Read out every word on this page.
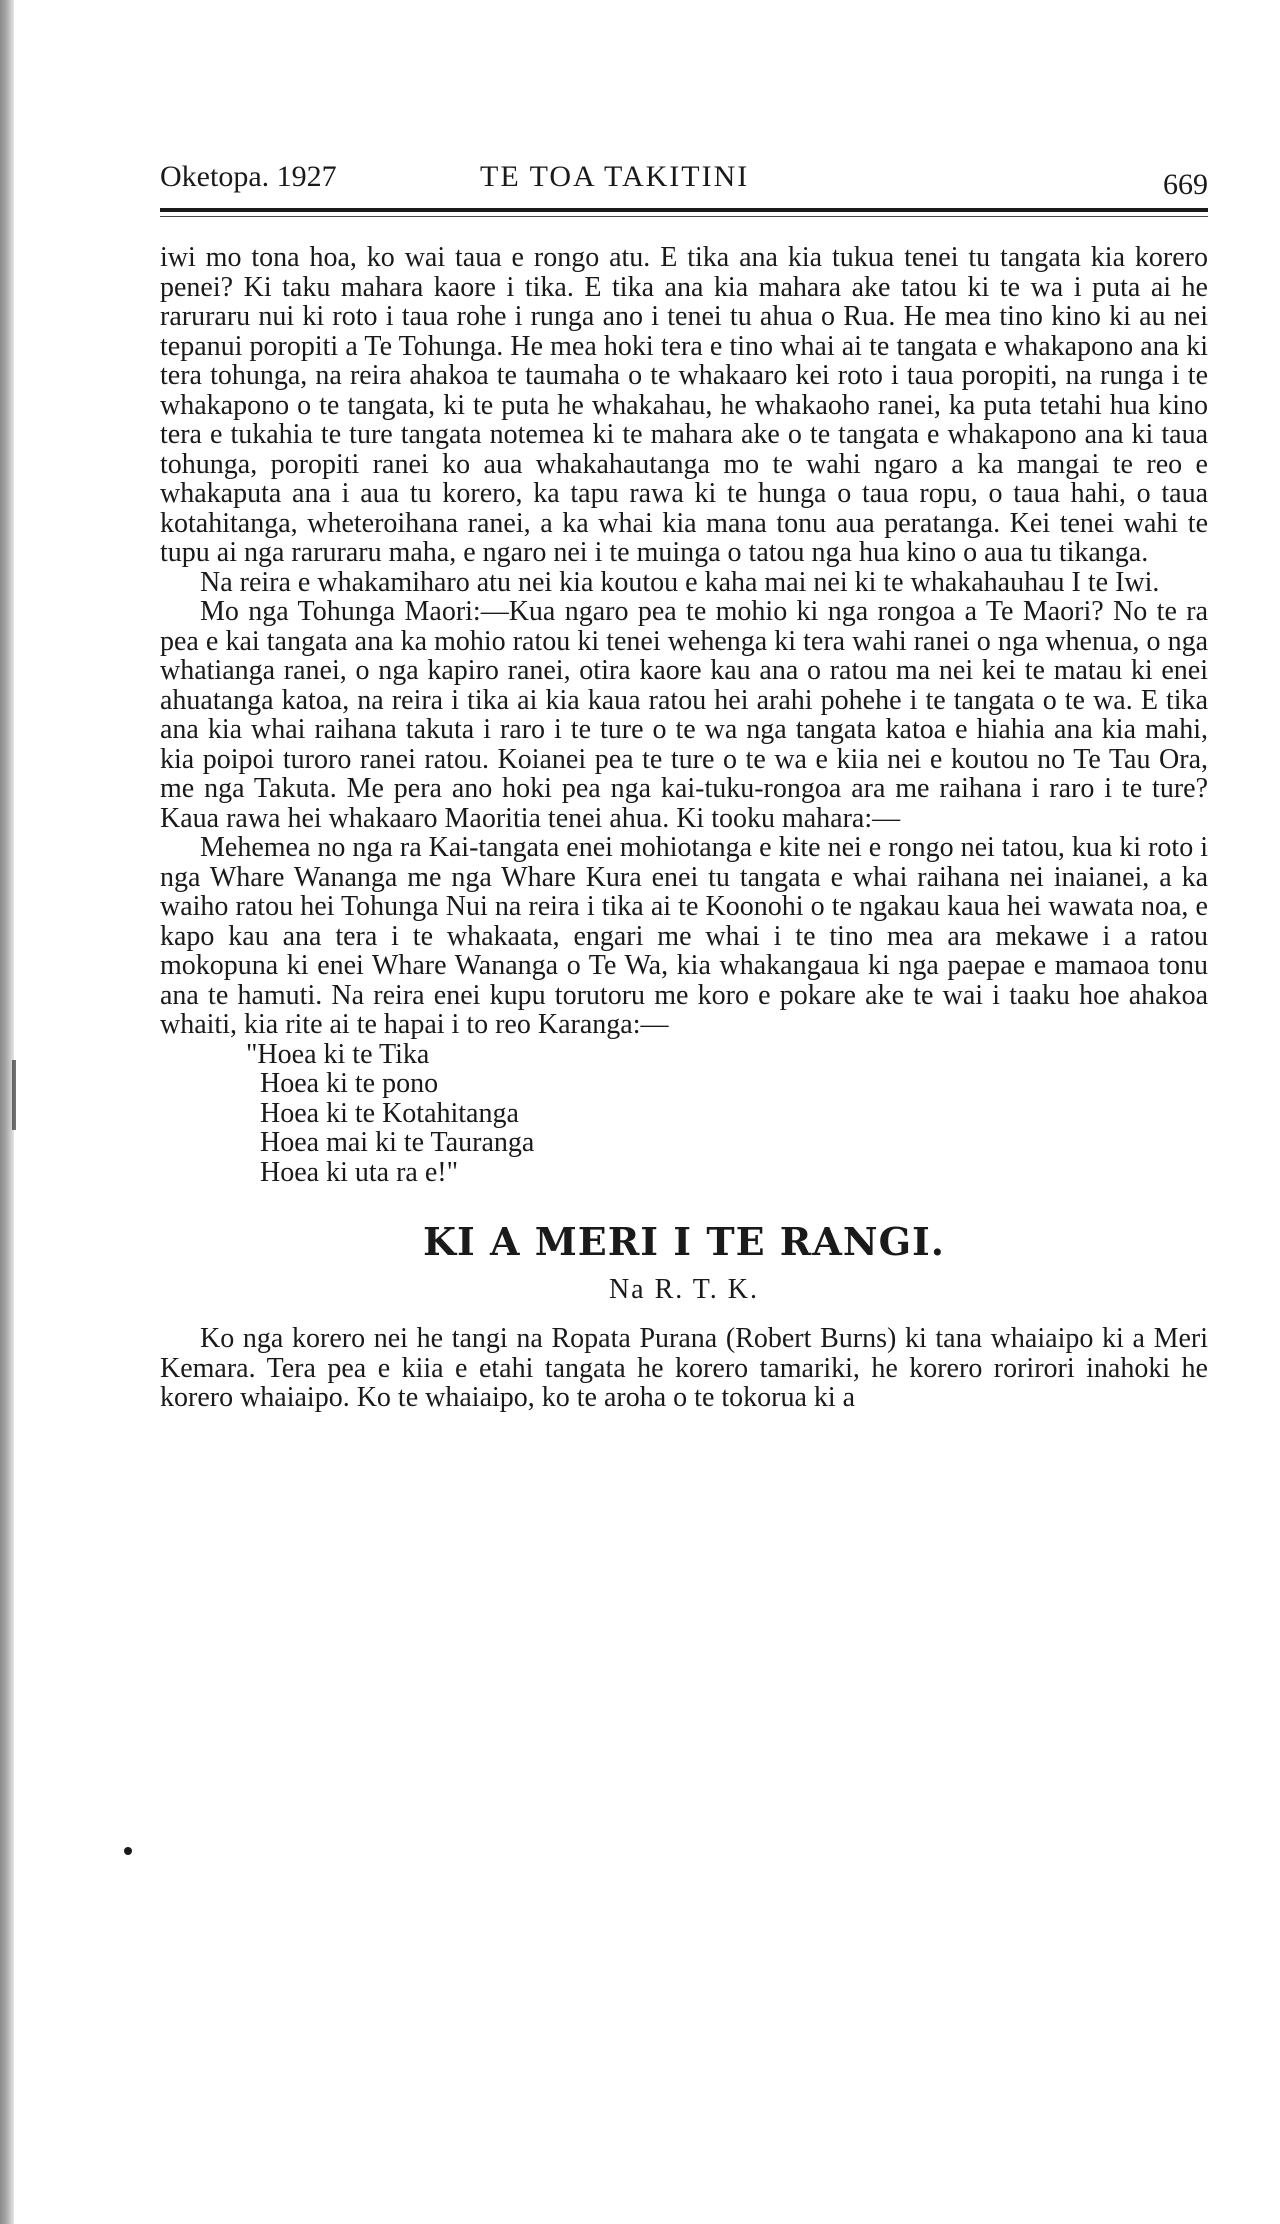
Oketopa. 1927	TE TOA TAKITINI	669

iwi mo tona hoa, ko wai taua e rongo atu. E tika ana kia tukua tenei tu tangata kia korero penei? Ki taku mahara kaore i tika. E tika ana kia mahara ake tatou ki te wa i puta ai he raruraru nui ki roto i taua rohe i runga ano i tenei tu ahua o Rua. He mea tino kino ki au nei tepanui poropiti a Te Tohunga. He mea hoki tera e tino whai ai te tangata e whakapono ana ki tera tohunga, na reira ahakoa te taumaha o te whakaaro kei roto i taua poropiti, na runga i te whakapono o te tangata, ki te puta he whakahau, he whakaoho ranei, ka puta tetahi hua kino tera e tukahia te ture tangata notemea ki te mahara ake o te tangata e whakapono ana ki taua tohunga, poropiti ranei ko aua whakahautanga mo te wahi ngaro a ka mangai te reo e whakaputa ana i aua tu korero, ka tapu rawa ki te hunga o taua ropu, o taua hahi, o taua kotahitanga, wheteroihana ranei, a ka whai kia mana tonu aua peratanga. Kei tenei wahi te tupu ai nga raruraru maha, e ngaro nei i te muinga o tatou nga hua kino o aua tu tikanga.

Na reira e whakamiharo atu nei kia koutou e kaha mai nei ki te whakahauhau I te Iwi.

Mo nga Tohunga Maori:—Kua ngaro pea te mohio ki nga rongoa a Te Maori? No te ra pea e kai tangata ana ka mohio ratou ki tenei wehenga ki tera wahi ranei o nga whenua, o nga whatianga ranei, o nga kapiro ranei, otira kaore kau ana o ratou ma nei kei te matau ki enei ahuatanga katoa, na reira i tika ai kia kaua ratou hei arahi pohehe i te tangata o te wa. E tika ana kia whai raihana takuta i raro i te ture o te wa nga tangata katoa e hiahia ana kia mahi, kia poipoi turoro ranei ratou. Koianei pea te ture o te wa e kiia nei e koutou no Te Tau Ora, me nga Takuta. Me pera ano hoki pea nga kai-tuku-rongoa ara me raihana i raro i te ture? Kaua rawa hei whakaaro Maoritia tenei ahua. Ki tooku mahara:—

Mehemea no nga ra Kai-tangata enei mohiotanga e kite nei e rongo nei tatou, kua ki roto i nga Whare Wananga me nga Whare Kura enei tu tangata e whai raihana nei inaianei, a ka waiho ratou hei Tohunga Nui na reira i tika ai te Koonohi o te ngakau kaua hei wawata noa, e kapo kau ana tera i te whakaata, engari me whai i te tino mea ara mekawe i a ratou mokopuna ki enei Whare Wananga o Te Wa, kia whakangaua ki nga paepae e mamaoa tonu ana te hamuti. Na reira enei kupu torutoru me koro e pokare ake te wai i taaku hoe ahakoa whaiti, kia rite ai te hapai i to reo Karanga:—

"Hoea ki te Tika
Hoea ki te pono
Hoea ki te Kotahitanga
Hoea mai ki te Tauranga
Hoea ki uta ra e!"
KI A MERI I TE RANGI.
Na R. T. K.

Ko nga korero nei he tangi na Ropata Purana (Robert Burns) ki tana whaiaipo ki a Meri Kemara. Tera pea e kiia e etahi tangata he korero tamariki, he korero rorirori inahoki he korero whaiaipo. Ko te whaiaipo, ko te aroha o te tokorua ki a
